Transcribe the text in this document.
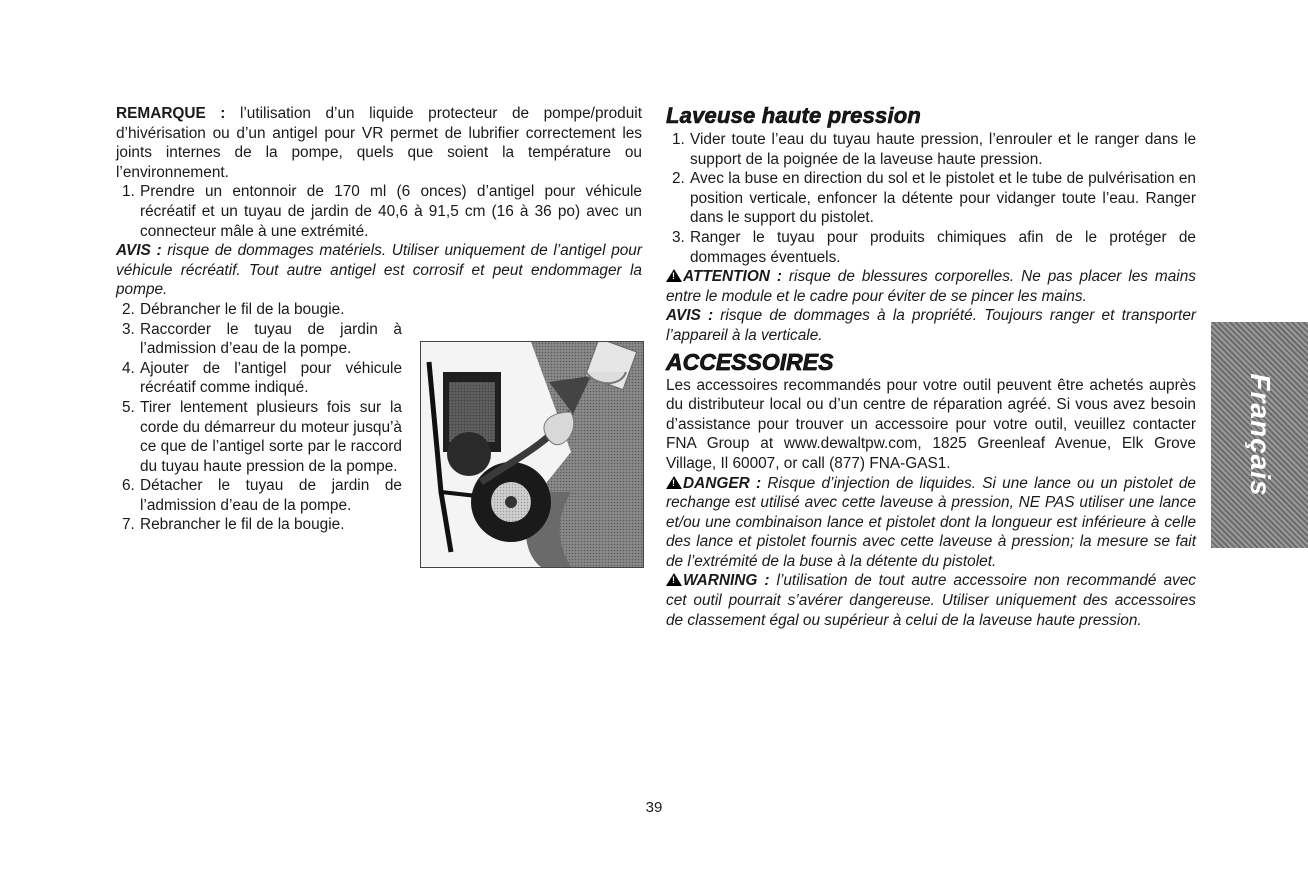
REMARQUE : l’utilisation d’un liquide protecteur de pompe/produit d’hivérisation ou d’un antigel pour VR permet de lubrifier correctement les joints internes de la pompe, quels que soient la température ou l’environnement.

1. Prendre un entonnoir de 170 ml (6 onces) d’antigel pour véhicule récréatif et un tuyau de jardin de 40,6 à 91,5 cm (16 à 36 po) avec un connecteur mâle à une extrémité.

AVIS : risque de dommages matériels. Utiliser uniquement de l’antigel pour véhicule récréatif. Tout autre antigel est corrosif et peut endommager la pompe.

2. Débrancher le fil de la bougie.
3. Raccorder le tuyau de jardin à l’admission d’eau de la pompe.
4. Ajouter de l’antigel pour véhicule récréatif comme indiqué.
5. Tirer lentement plusieurs fois sur la corde du démarreur du moteur jusqu’à ce que de l’antigel sorte par le raccord du tuyau haute pression de la pompe.
6. Détacher le tuyau de jardin de l’admission d’eau de la pompe.
7. Rebrancher le fil de la bougie.
Laveuse haute pression
1. Vider toute l’eau du tuyau haute pression, l’enrouler et le ranger dans le support de la poignée de la laveuse haute pression.
2. Avec la buse en direction du sol et le pistolet et le tube de pulvérisation en position verticale, enfoncer la détente pour vidanger toute l’eau. Ranger dans le support du pistolet.
3. Ranger le tuyau pour produits chimiques afin de le protéger de dommages éventuels.

!ATTENTION : risque de blessures corporelles. Ne pas placer les mains entre le module et le cadre pour éviter de se pincer les mains.

AVIS : risque de dommages à la propriété. Toujours ranger et transporter l’appareil à la verticale.

ACCESSOIRES

Les accessoires recommandés pour votre outil peuvent être achetés auprès du distributeur local ou d’un centre de réparation agréé. Si vous avez besoin d’assistance pour trouver un accessoire pour votre outil, veuillez contacter FNA Group at www.dewaltpw.com, 1825 Greenleaf Avenue, Elk Grove Village, Il 60007, or call (877) FNA-GAS1.

!DANGER : Risque d’injection de liquides. Si une lance ou un pistolet de rechange est utilisé avec cette laveuse à pression, NE PAS utiliser une lance et/ou une combinaison lance et pistolet dont la longueur est inférieure à celle des lance et pistolet fournis avec cette laveuse à pression; la mesure se fait de l’extrémité de la buse à la détente du pistolet.

!WARNING : l’utilisation de tout autre accessoire non recommandé avec cet outil pourrait s’avérer dangereuse. Utiliser uniquement des accessoires de classement égal ou supérieur à celui de la laveuse haute pression.

Français
39
